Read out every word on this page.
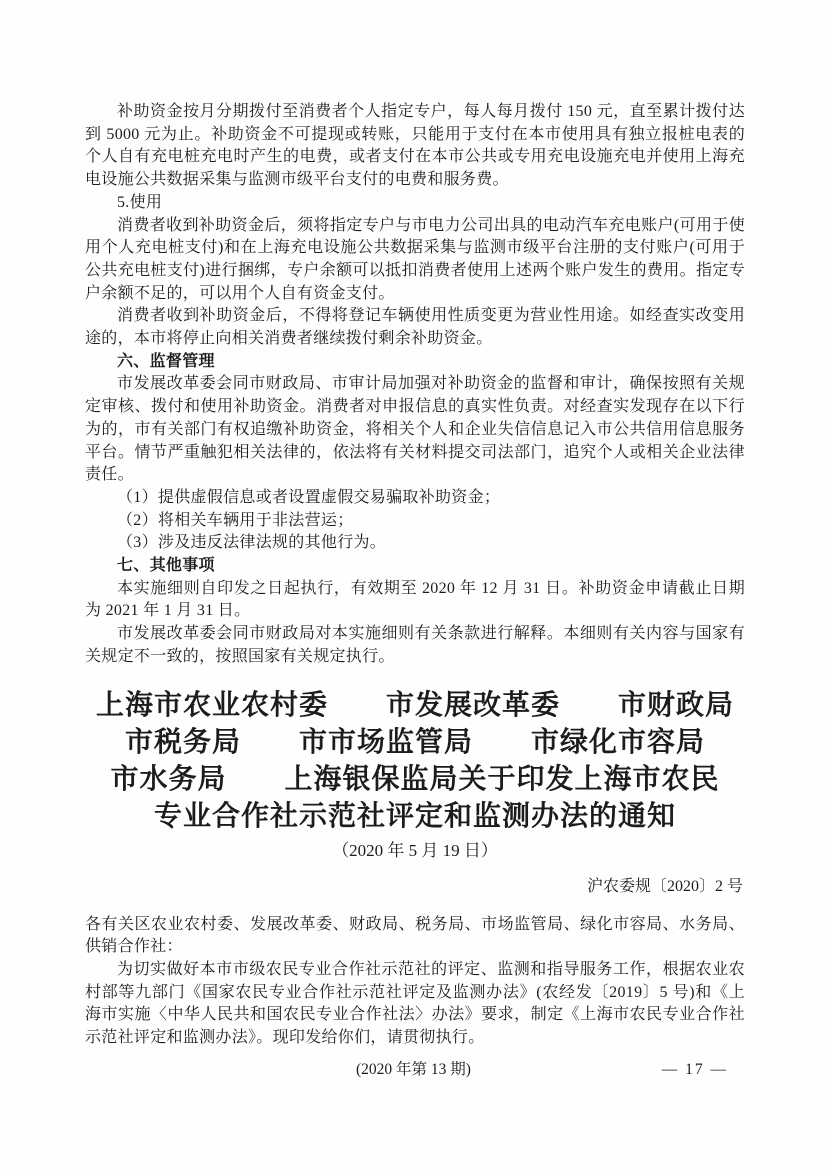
补助资金按月分期拨付至消费者个人指定专户，每人每月拨付 150 元，直至累计拨付达到 5000 元为止。补助资金不可提现或转账，只能用于支付在本市使用具有独立报桩电表的个人自有充电桩充电时产生的电费，或者支付在本市公共或专用充电设施充电并使用上海充电设施公共数据采集与监测市级平台支付的电费和服务费。

5.使用

消费者收到补助资金后，须将指定专户与市电力公司出具的电动汽车充电账户(可用于使用个人充电桩支付)和在上海充电设施公共数据采集与监测市级平台注册的支付账户(可用于公共充电桩支付)进行捆绑，专户余额可以抵扣消费者使用上述两个账户发生的费用。指定专户余额不足的，可以用个人自有资金支付。

消费者收到补助资金后，不得将登记车辆使用性质变更为营业性用途。如经查实改变用途的，本市将停止向相关消费者继续拨付剩余补助资金。

六、监督管理

市发展改革委会同市财政局、市审计局加强对补助资金的监督和审计，确保按照有关规定审核、拨付和使用补助资金。消费者对申报信息的真实性负责。对经查实发现存在以下行为的，市有关部门有权追缴补助资金，将相关个人和企业失信信息记入市公共信用信息服务平台。情节严重触犯相关法律的，依法将有关材料提交司法部门，追究个人或相关企业法律责任。

（1）提供虚假信息或者设置虚假交易骗取补助资金；

（2）将相关车辆用于非法营运；

（3）涉及违反法律法规的其他行为。

七、其他事项

本实施细则自印发之日起执行，有效期至 2020 年 12 月 31 日。补助资金申请截止日期为 2021 年 1 月 31 日。

市发展改革委会同市财政局对本实施细则有关条款进行解释。本细则有关内容与国家有关规定不一致的，按照国家有关规定执行。

上海市农业农村委　　市发展改革委　　市财政局
市税务局　　市市场监管局　　市绿化市容局
市水务局　　上海银保监局关于印发上海市农民
专业合作社示范社评定和监测办法的通知
（2020 年 5 月 19 日）
沪农委规〔2020〕2 号

各有关区农业农村委、发展改革委、财政局、税务局、市场监管局、绿化市容局、水务局、供销合作社：

为切实做好本市市级农民专业合作社示范社的评定、监测和指导服务工作，根据农业农村部等九部门《国家农民专业合作社示范社评定及监测办法》(农经发〔2019〕5 号)和《上海市实施〈中华人民共和国农民专业合作社法〉办法》要求，制定《上海市农民专业合作社示范社评定和监测办法》。现印发给你们，请贯彻执行。

(2020 年第 13 期)	— 17 —
